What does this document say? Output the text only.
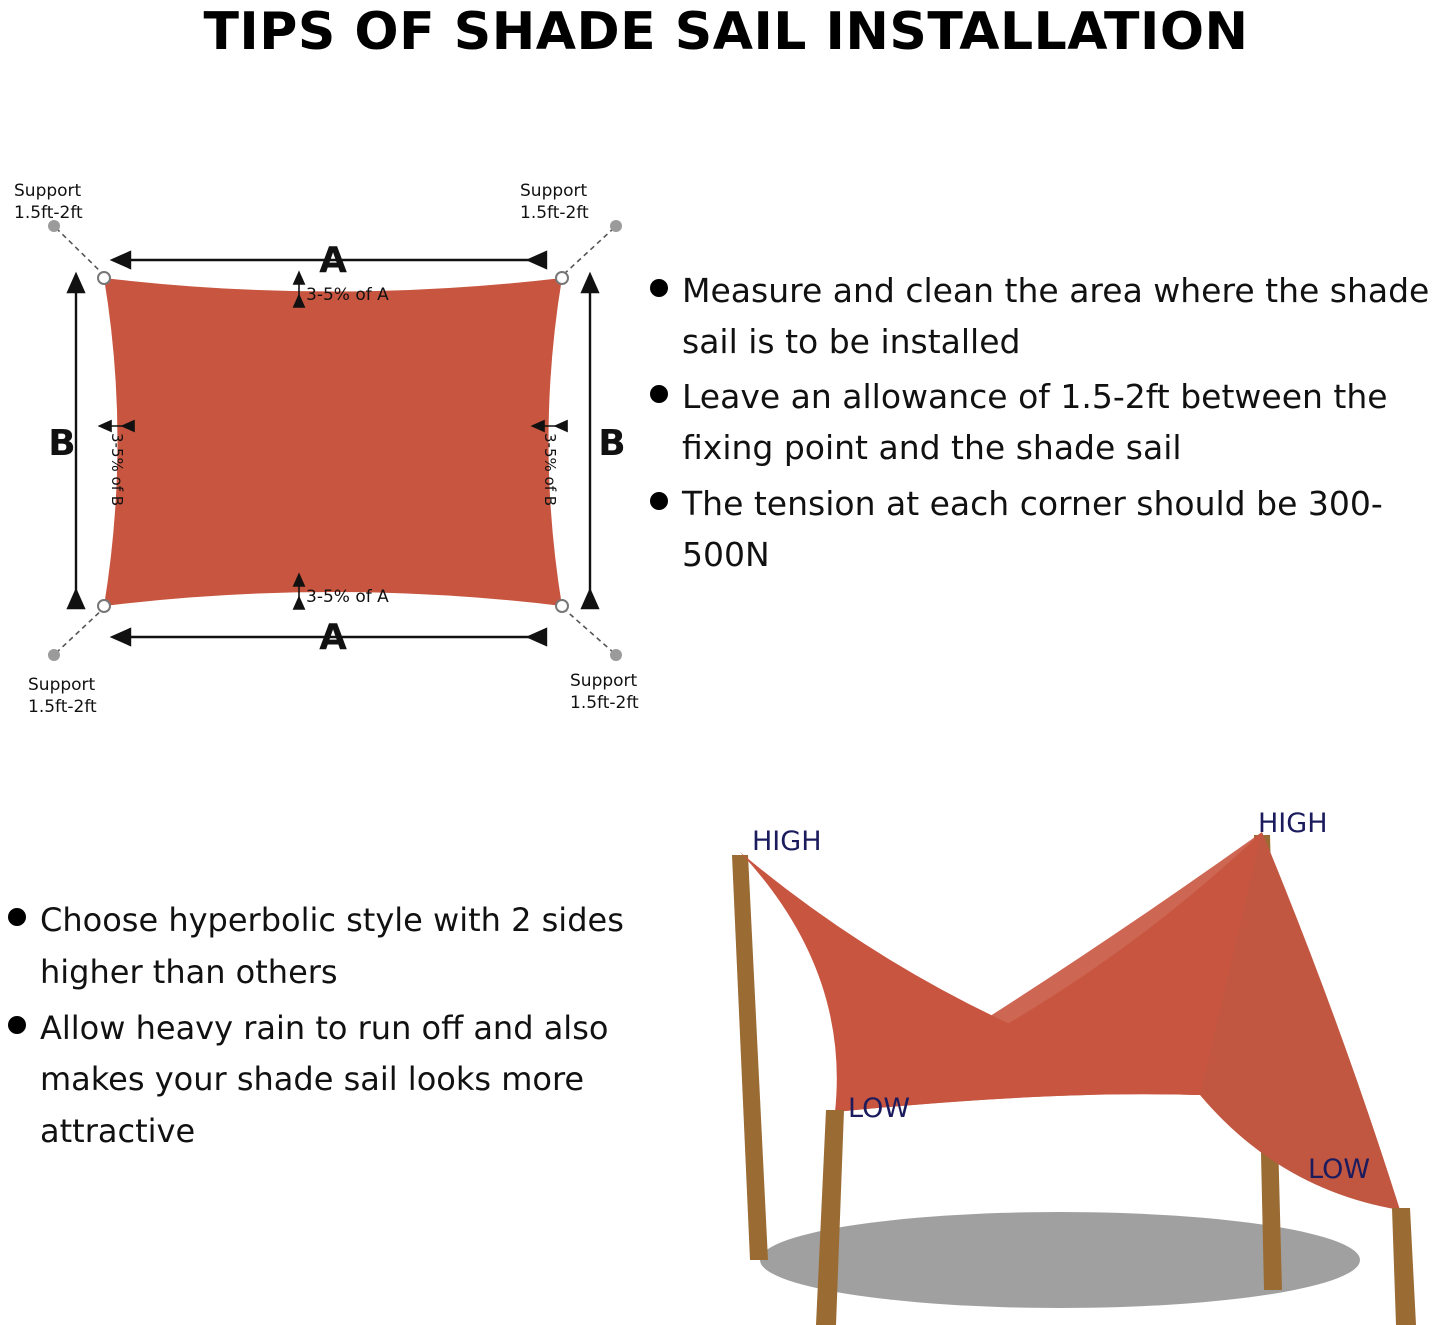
TIPS OF SHADE SAIL INSTALLATION
A
3-5% of A
A
3-5% of A
B 3-5% of B	B
3-5% of B
Support
1.5ft-2ft
Support
1.5ft-2ft
Support
1.5ft-2ft
Support
1.5ft-2ft
Measure and clean the area where the shade sail is to be installed
Leave an allowance of 1.5-2ft between the fixing point and the shade sail
The tension at each corner should be 300-500N
Choose hyperbolic style with 2 sides higher than others
Allow heavy rain to run off and also makes your shade sail looks more attractive
HIGH
HIGH
LOW
LOW
